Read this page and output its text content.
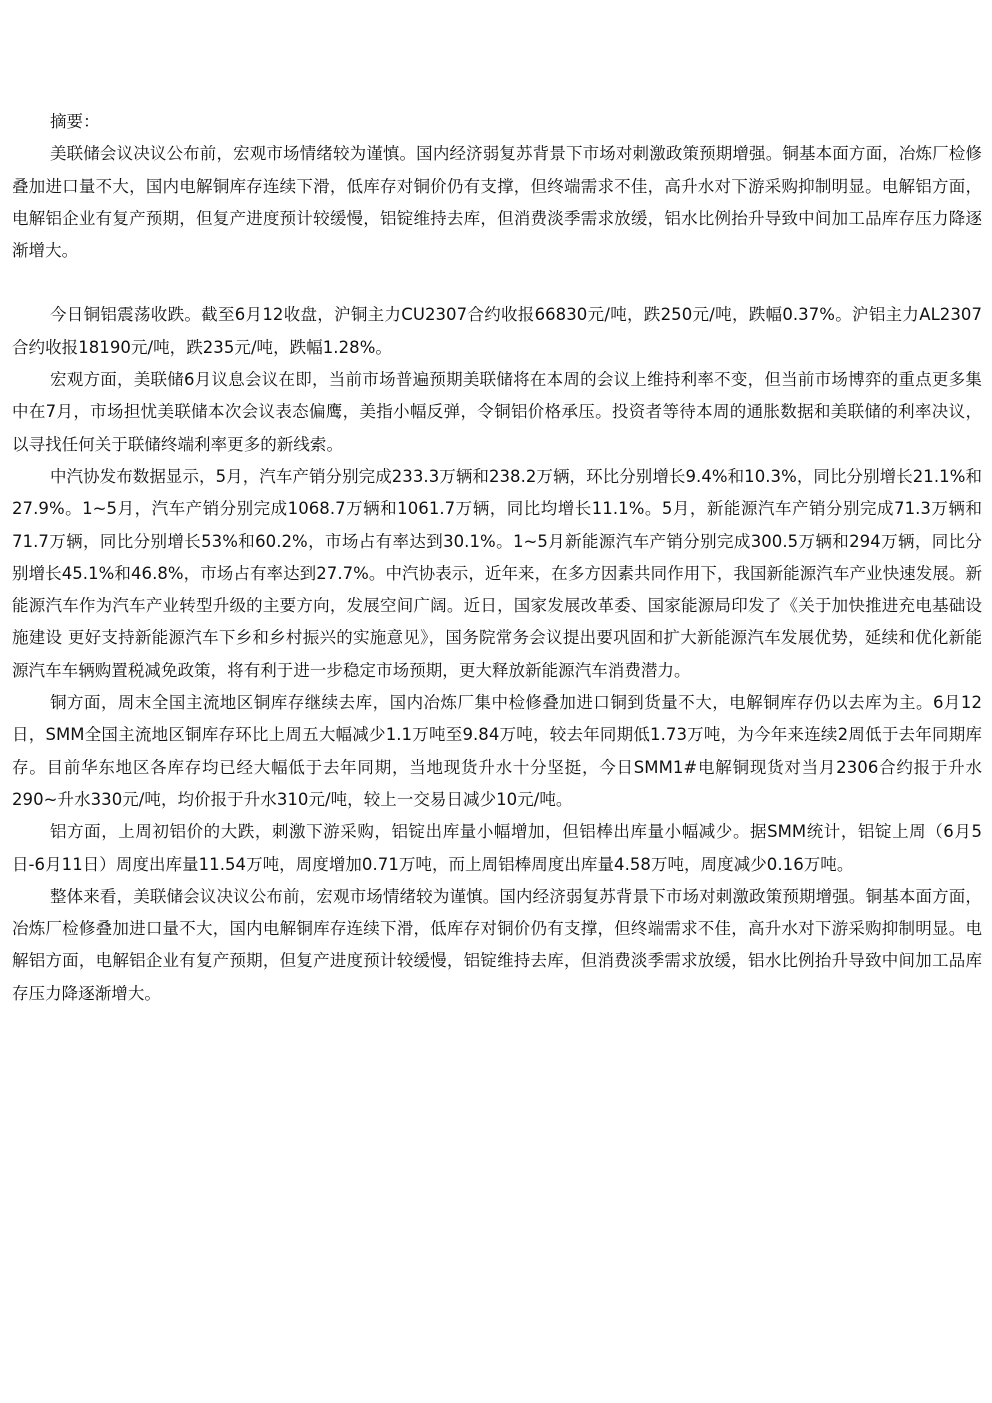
摘要：

美联储会议决议公布前，宏观市场情绪较为谨慎。国内经济弱复苏背景下市场对刺激政策预期增强。铜基本面方面，冶炼厂检修叠加进口量不大，国内电解铜库存连续下滑，低库存对铜价仍有支撑，但终端需求不佳，高升水对下游采购抑制明显。电解铝方面，电解铝企业有复产预期，但复产进度预计较缓慢，铝锭维持去库，但消费淡季需求放缓，铝水比例抬升导致中间加工品库存压力降逐渐增大。

今日铜铝震荡收跌。截至6月12收盘，沪铜主力CU2307合约收报66830元/吨，跌250元/吨，跌幅0.37%。沪铝主力AL2307合约收报18190元/吨，跌235元/吨，跌幅1.28%。

宏观方面，美联储6月议息会议在即，当前市场普遍预期美联储将在本周的会议上维持利率不变，但当前市场博弈的重点更多集中在7月，市场担忧美联储本次会议表态偏鹰，美指小幅反弹，令铜铝价格承压。投资者等待本周的通胀数据和美联储的利率决议，以寻找任何关于联储终端利率更多的新线索。

中汽协发布数据显示，5月，汽车产销分别完成233.3万辆和238.2万辆，环比分别增长9.4%和10.3%，同比分别增长21.1%和27.9%。1~5月，汽车产销分别完成1068.7万辆和1061.7万辆，同比均增长11.1%。5月，新能源汽车产销分别完成71.3万辆和71.7万辆，同比分别增长53%和60.2%，市场占有率达到30.1%。1~5月新能源汽车产销分别完成300.5万辆和294万辆，同比分别增长45.1%和46.8%，市场占有率达到27.7%。中汽协表示，近年来，在多方因素共同作用下，我国新能源汽车产业快速发展。新能源汽车作为汽车产业转型升级的主要方向，发展空间广阔。近日，国家发展改革委、国家能源局印发了《关于加快推进充电基础设施建设 更好支持新能源汽车下乡和乡村振兴的实施意见》，国务院常务会议提出要巩固和扩大新能源汽车发展优势，延续和优化新能源汽车车辆购置税减免政策，将有利于进一步稳定市场预期，更大释放新能源汽车消费潜力。

铜方面，周末全国主流地区铜库存继续去库，国内冶炼厂集中检修叠加进口铜到货量不大，电解铜库存仍以去库为主。6月12日，SMM全国主流地区铜库存环比上周五大幅减少1.1万吨至9.84万吨，较去年同期低1.73万吨，为今年来连续2周低于去年同期库存。目前华东地区各库存均已经大幅低于去年同期，当地现货升水十分坚挺，今日SMM1#电解铜现货对当月2306合约报于升水290~升水330元/吨，均价报于升水310元/吨，较上一交易日减少10元/吨。

铝方面，上周初铝价的大跌，刺激下游采购，铝锭出库量小幅增加，但铝棒出库量小幅减少。据SMM统计，铝锭上周（6月5日-6月11日）周度出库量11.54万吨，周度增加0.71万吨，而上周铝棒周度出库量4.58万吨，周度减少0.16万吨。

整体来看，美联储会议决议公布前，宏观市场情绪较为谨慎。国内经济弱复苏背景下市场对刺激政策预期增强。铜基本面方面，冶炼厂检修叠加进口量不大，国内电解铜库存连续下滑，低库存对铜价仍有支撑，但终端需求不佳，高升水对下游采购抑制明显。电解铝方面，电解铝企业有复产预期，但复产进度预计较缓慢，铝锭维持去库，但消费淡季需求放缓，铝水比例抬升导致中间加工品库存压力降逐渐增大。
